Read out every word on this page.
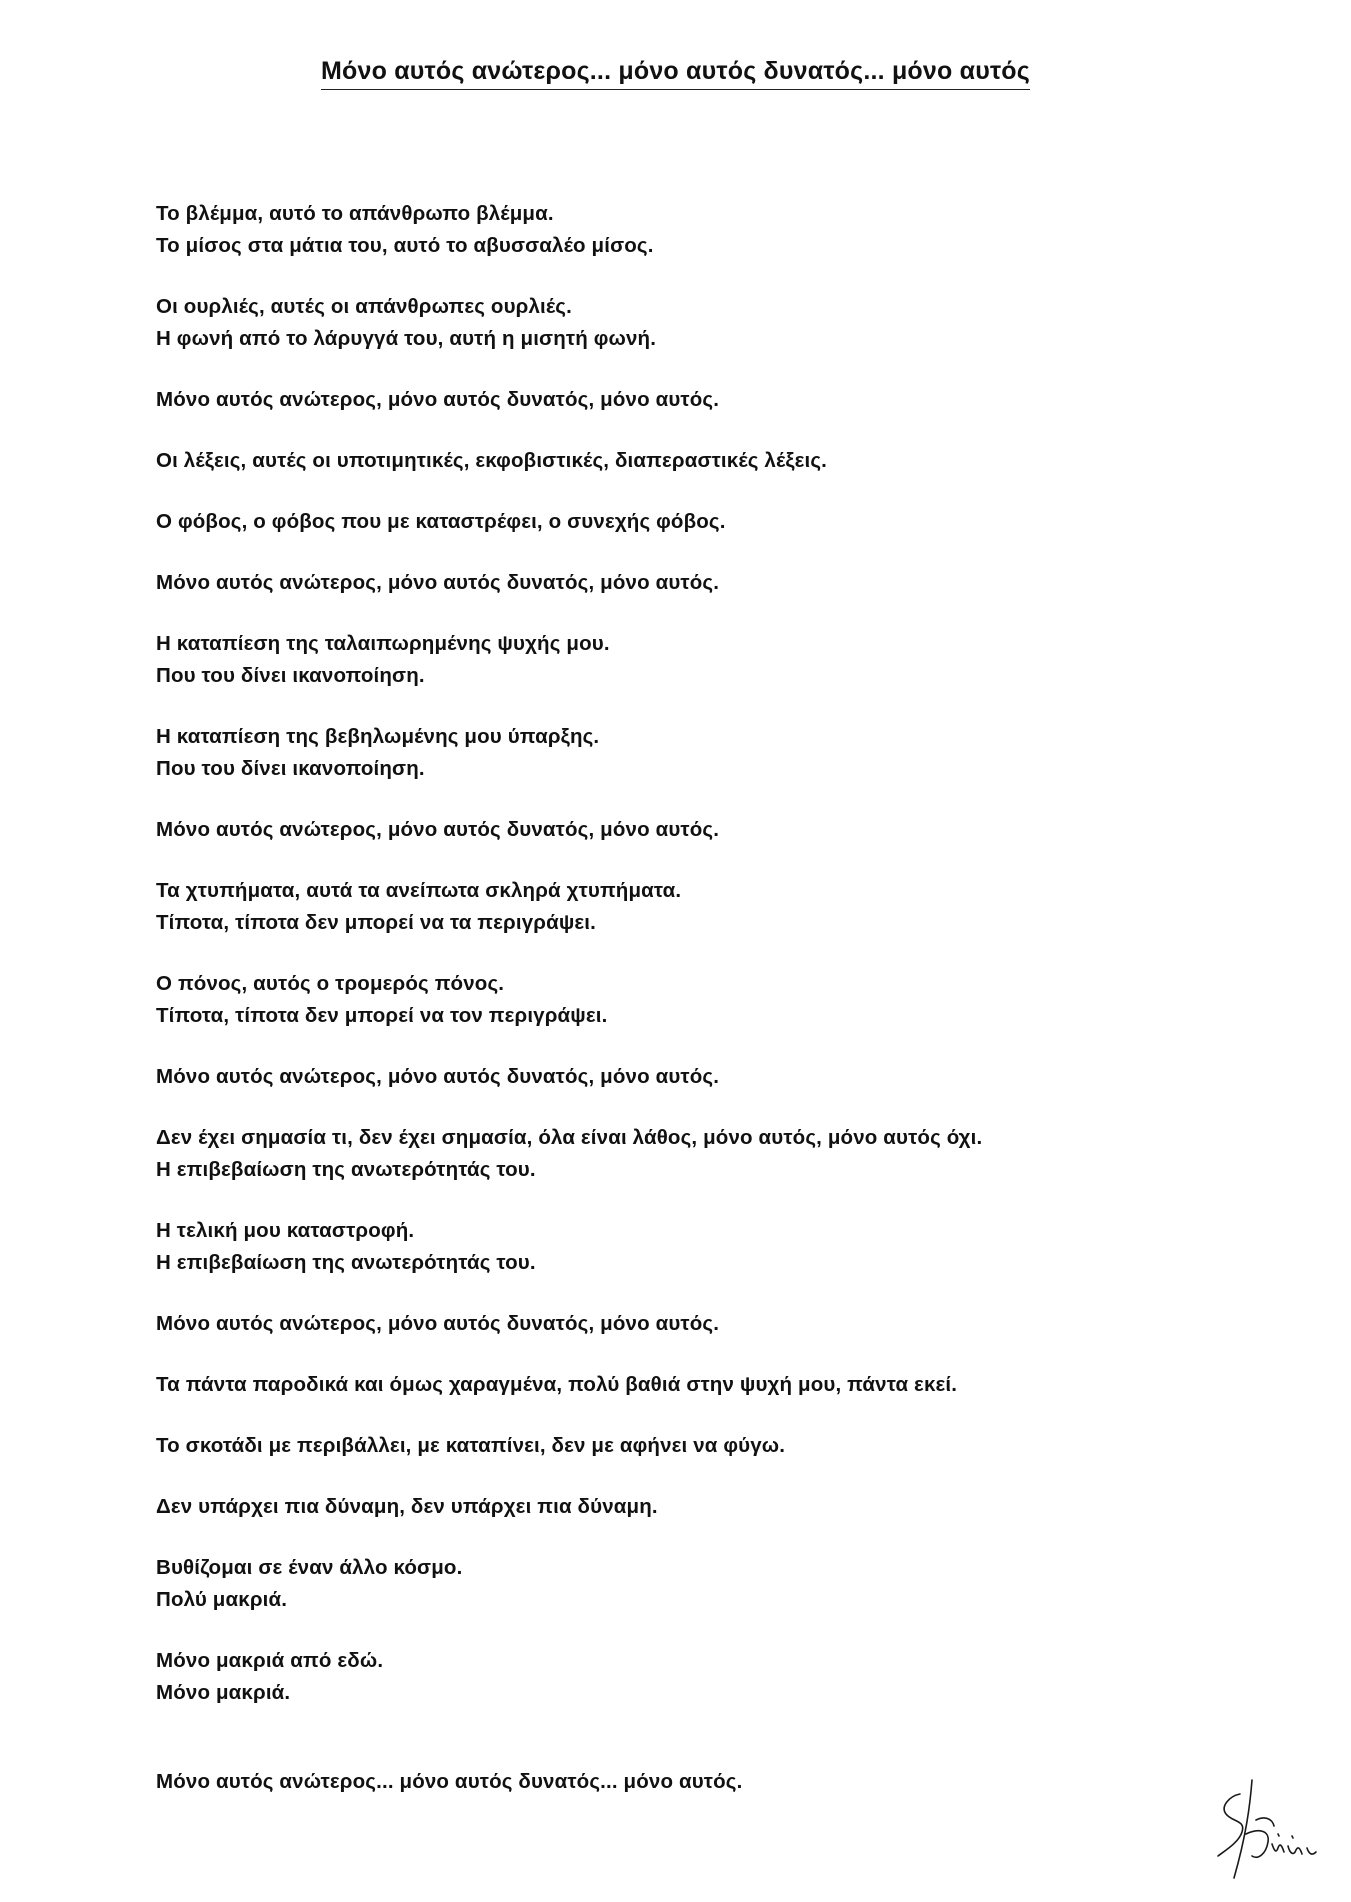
Μόνο αυτός ανώτερος... μόνο αυτός δυνατός... μόνο αυτός
Το βλέμμα, αυτό το απάνθρωπο βλέμμα.
Το μίσος στα μάτια του, αυτό το αβυσσαλέο μίσος.
Οι ουρλιές, αυτές οι απάνθρωπες ουρλιές.
Η φωνή από το λάρυγγά του, αυτή η μισητή φωνή.
Μόνο αυτός ανώτερος, μόνο αυτός δυνατός, μόνο αυτός.
Οι λέξεις, αυτές οι υποτιμητικές, εκφοβιστικές, διαπεραστικές λέξεις.
Ο φόβος, ο φόβος που με καταστρέφει, ο συνεχής φόβος.
Μόνο αυτός ανώτερος, μόνο αυτός δυνατός, μόνο αυτός.
Η καταπίεση της ταλαιπωρημένης ψυχής μου.
Που του δίνει ικανοποίηση.
Η καταπίεση της βεβηλωμένης μου ύπαρξης.
Που του δίνει ικανοποίηση.
Μόνο αυτός ανώτερος, μόνο αυτός δυνατός, μόνο αυτός.
Τα χτυπήματα, αυτά τα ανείπωτα σκληρά χτυπήματα.
Τίποτα, τίποτα δεν μπορεί να τα περιγράψει.
Ο πόνος, αυτός ο τρομερός πόνος.
Τίποτα, τίποτα δεν μπορεί να τον περιγράψει.
Μόνο αυτός ανώτερος, μόνο αυτός δυνατός, μόνο αυτός.
Δεν έχει σημασία τι, δεν έχει σημασία, όλα είναι λάθος, μόνο αυτός, μόνο αυτός όχι.
Η επιβεβαίωση της ανωτερότητάς του.
Η τελική μου καταστροφή.
Η επιβεβαίωση της ανωτερότητάς του.
Μόνο αυτός ανώτερος, μόνο αυτός δυνατός, μόνο αυτός.
Τα πάντα παροδικά και όμως χαραγμένα, πολύ βαθιά στην ψυχή μου, πάντα εκεί.
Το σκοτάδι με περιβάλλει, με καταπίνει, δεν με αφήνει να φύγω.
Δεν υπάρχει πια δύναμη, δεν υπάρχει πια δύναμη.
Βυθίζομαι σε έναν άλλο κόσμο.
Πολύ μακριά.
Μόνο μακριά από εδώ.
Μόνο μακριά.
Μόνο αυτός ανώτερος... μόνο αυτός δυνατός... μόνο αυτός.
